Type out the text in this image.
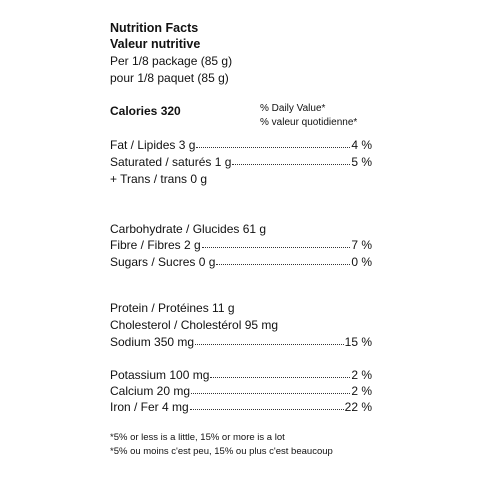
Nutrition Facts
Valeur nutritive
Per 1/8 package (85 g)
pour 1/8 paquet (85 g)
Calories 320	% Daily Value*
% valeur quotidienne*
Fat / Lipides 3 g	4 %
Saturated / saturés 1 g	5 %
+ Trans / trans 0 g
Carbohydrate / Glucides 61 g
Fibre / Fibres 2 g	7 %
Sugars / Sucres 0 g	0 %
Protein / Protéines 11 g
Cholesterol / Cholestérol 95 mg
Sodium 350 mg	15 %
Potassium 100 mg	2 %
Calcium 20 mg	2 %
Iron / Fer 4 mg	22 %
*5% or less is a little, 15% or more is a lot
*5% ou moins c'est peu, 15% ou plus c'est beaucoup
